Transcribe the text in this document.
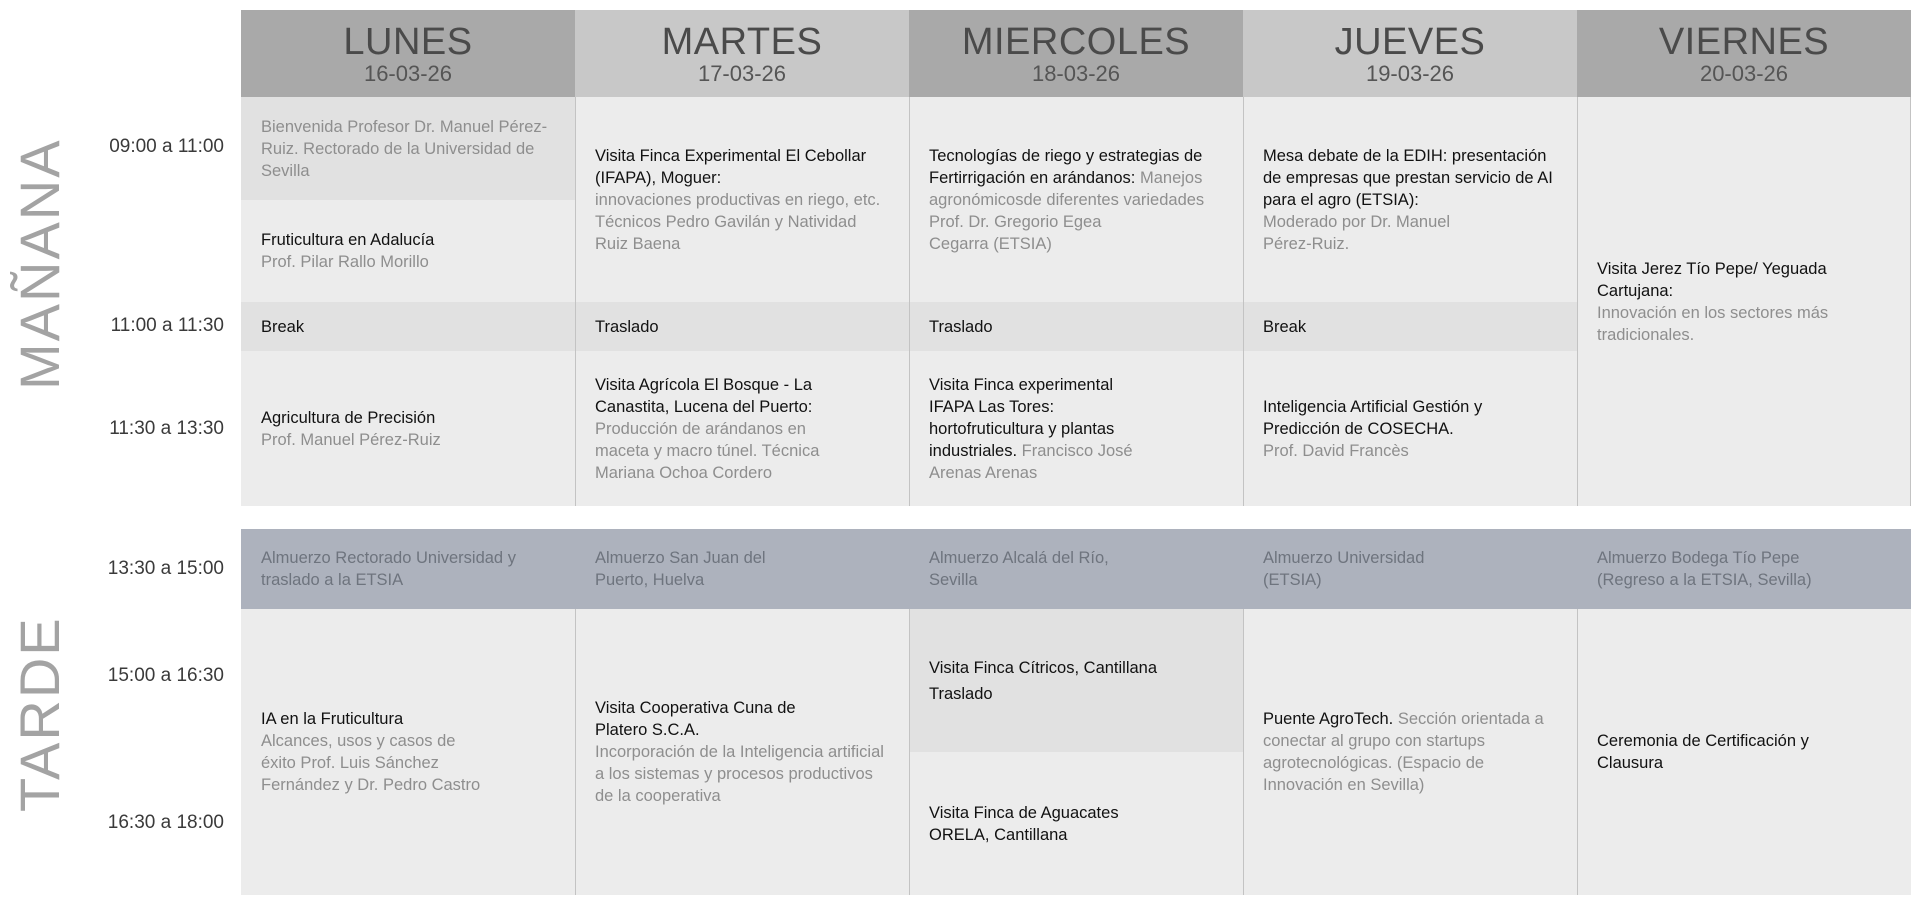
MAÑANA
TARDE
09:00 a 11:00
11:00 a 11:30
11:30 a 13:30
13:30 a 15:00
15:00 a 16:30
16:30 a 18:00
LUNES
16-03-26
MARTES
17-03-26
MIERCOLES
18-03-26
JUEVES
19-03-26
VIERNES
20-03-26
Bienvenida Profesor Dr. Manuel Pérez-Ruiz. Rectorado de la Universidad de Sevilla
Fruticultura en Adalucía
Prof. Pilar Rallo Morillo
Break
Agricultura de Precisión
Prof. Manuel Pérez-Ruiz
Almuerzo Rectorado Universidad y traslado a la ETSIA
IA en la Fruticultura
Alcances, usos y casos de éxito Prof. Luis Sánchez Fernández y Dr. Pedro Castro
Visita Finca Experimental El Cebollar (IFAPA), Moguer:
innovaciones productivas en riego, etc. Técnicos Pedro Gavilán y Natividad Ruiz Baena
Traslado
Visita Agrícola El Bosque - La Canastita, Lucena del Puerto:
Producción de arándanos en maceta y macro túnel. Técnica Mariana Ochoa Cordero
Almuerzo San Juan del Puerto, Huelva
Visita Cooperativa Cuna de Platero S.C.A.
Incorporación de la Inteligencia artificial a los sistemas y procesos productivos de la cooperativa
Tecnologías de riego y estrategias de Fertirrigación en arándanos: Manejos agronómicosde diferentes variedades
Prof. Dr. Gregorio Egea Cegarra (ETSIA)
Traslado
Visita Finca experimental IFAPA Las Tores: hortofruticultura y plantas industriales. Francisco José Arenas Arenas
Almuerzo Alcalá del Río, Sevilla
Visita Finca Cítricos, Cantillana
Traslado
Visita Finca de Aguacates ORELA, Cantillana
Mesa debate de la EDIH: presentación de empresas que prestan servicio de AI para el agro (ETSIA):
Moderado por Dr. Manuel Pérez-Ruiz.
Break
Inteligencia Artificial Gestión y Predicción de COSECHA.
Prof. David Francès
Almuerzo Universidad (ETSIA)
Puente AgroTech. Sección orientada a conectar al grupo con startups agrotecnológicas. (Espacio de Innovación en Sevilla)
Visita Jerez Tío Pepe/ Yeguada Cartujana:
Innovación en los sectores más tradicionales.
Almuerzo Bodega Tío Pepe (Regreso a la ETSIA, Sevilla)
Ceremonia de Certificación y Clausura
